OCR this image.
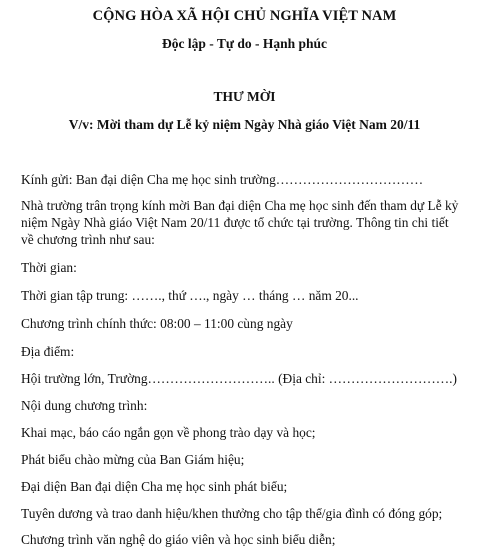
CỘNG HÒA XÃ HỘI CHỦ NGHĨA VIỆT NAM
Độc lập - Tự do - Hạnh phúc
THƯ MỜI
V/v: Mời tham dự Lễ kỷ niệm Ngày Nhà giáo Việt Nam 20/11
Kính gửi: Ban đại diện Cha mẹ học sinh trường……………………………
Nhà trường trân trọng kính mời Ban đại diện Cha mẹ học sinh đến tham dự Lễ kỷ
niệm Ngày Nhà giáo Việt Nam 20/11 được tổ chức tại trường. Thông tin chi tiết
về chương trình như sau:
Thời gian:
Thời gian tập trung: ……., thứ …., ngày … tháng … năm 20...
Chương trình chính thức: 08:00 – 11:00 cùng ngày
Địa điểm:
Hội trường lớn, Trường……………………….. (Địa chỉ: ……………………….)
Nội dung chương trình:
Khai mạc, báo cáo ngắn gọn về phong trào dạy và học;
Phát biểu chào mừng của Ban Giám hiệu;
Đại diện Ban đại diện Cha mẹ học sinh phát biểu;
Tuyên dương và trao danh hiệu/khen thưởng cho tập thể/gia đình có đóng góp;
Chương trình văn nghệ do giáo viên và học sinh biểu diễn;
